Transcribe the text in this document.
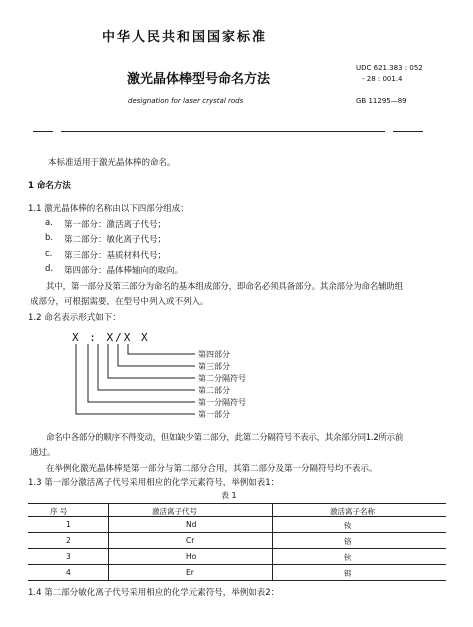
中华人民共和国国家标准
激光晶体棒型号命名方法
UDC 621.383 : 052
- 28 : 001.4
designation for laser crystal rods	GB 11295—89
本标准适用于激光晶体棒的命名。
1 命名方法
1.1 激光晶体棒的名称由以下四部分组成：
a. 第一部分：激活离子代号；
b. 第二部分：敏化离子代号；
c. 第三部分：基质材料代号；
d. 第四部分：晶体棒轴向的取向。
其中，第一部分及第三部分为命名的基本组成部分，即命名必须具备部分。其余部分为命名辅助组
成部分，可根据需要，在型号中列入或不列入。
1.2 命名表示形式如下：
X : X/X X
第四部分
第三部分
第二分隔符号
第二部分
第一分隔符号
第一部分
命名中各部分的顺序不得变动，但如缺少第二部分，此第二分隔符号不表示，其余部分同1.2所示前
通过。
在举例化激光晶体棒是第一部分与第二部分合用，其第二部分及第一分隔符号均不表示。
1.3 第一部分激活离子代号采用相应的化学元素符号，举例如表1：
表 1
序 号	激活离子代号	激活离子名称
1	Nd	钕
2	Cr	铬
3	Ho	钬
4	Er	铒
1.4 第二部分敏化离子代号采用相应的化学元素符号，举例如表2：
